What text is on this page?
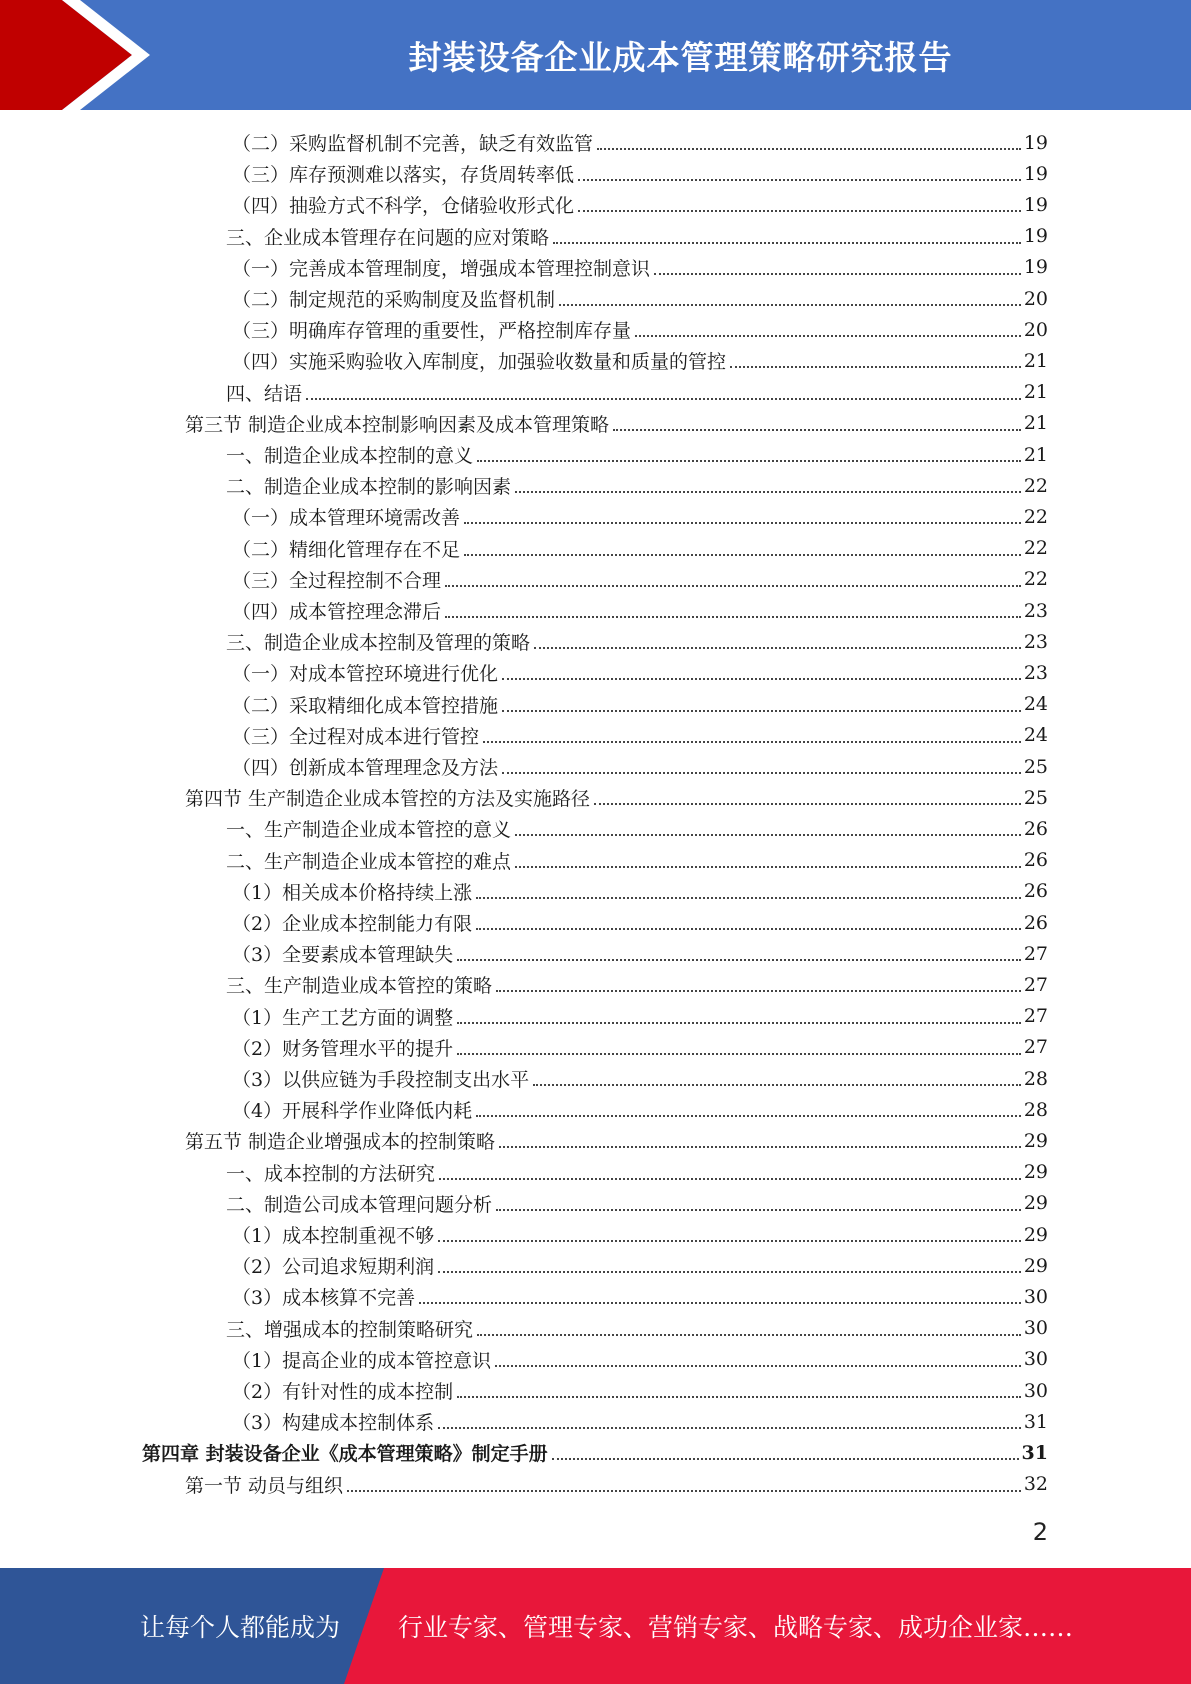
封装设备企业成本管理策略研究报告
（二）采购监督机制不完善，缺乏有效监管	19
（三）库存预测难以落实，存货周转率低	19
（四）抽验方式不科学，仓储验收形式化	19
三、企业成本管理存在问题的应对策略	19
（一）完善成本管理制度，增强成本管理控制意识	19
（二）制定规范的采购制度及监督机制	20
（三）明确库存管理的重要性，严格控制库存量	20
（四）实施采购验收入库制度，加强验收数量和质量的管控	21
四、结语	21
第三节 制造企业成本控制影响因素及成本管理策略	21
一、制造企业成本控制的意义	21
二、制造企业成本控制的影响因素	22
（一）成本管理环境需改善	22
（二）精细化管理存在不足	22
（三）全过程控制不合理	22
（四）成本管控理念滞后	23
三、制造企业成本控制及管理的策略	23
（一）对成本管控环境进行优化	23
（二）采取精细化成本管控措施	24
（三）全过程对成本进行管控	24
（四）创新成本管理理念及方法	25
第四节 生产制造企业成本管控的方法及实施路径	25
一、生产制造企业成本管控的意义	26
二、生产制造企业成本管控的难点	26
（1）相关成本价格持续上涨	26
（2）企业成本控制能力有限	26
（3）全要素成本管理缺失	27
三、生产制造业成本管控的策略	27
（1）生产工艺方面的调整	27
（2）财务管理水平的提升	27
（3）以供应链为手段控制支出水平	28
（4）开展科学作业降低内耗	28
第五节 制造企业增强成本的控制策略	29
一、成本控制的方法研究	29
二、制造公司成本管理问题分析	29
（1）成本控制重视不够	29
（2）公司追求短期利润	29
（3）成本核算不完善	30
三、增强成本的控制策略研究	30
（1）提高企业的成本管控意识	30
（2）有针对性的成本控制	30
（3）构建成本控制体系	31
第四章 封装设备企业《成本管理策略》制定手册	31
第一节 动员与组织	32
2
让每个人都能成为 行业专家、管理专家、营销专家、战略专家、成功企业家……
